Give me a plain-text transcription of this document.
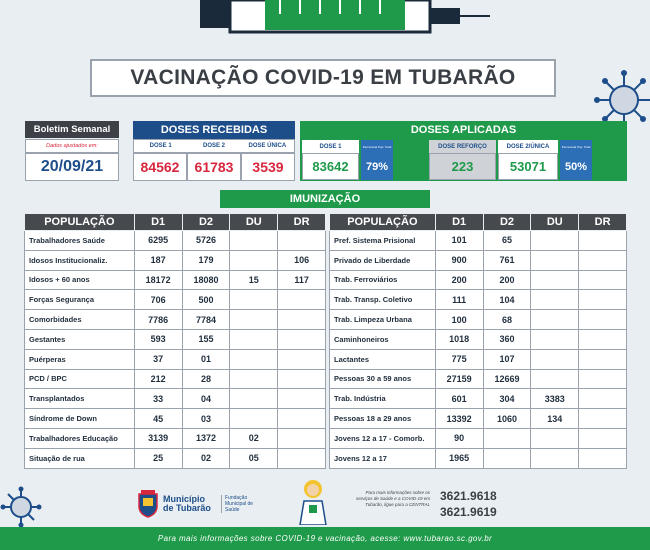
VACINAÇÃO COVID-19 EM TUBARÃO
Boletim Semanal
Dados ajustados em:
20/09/21
DOSES RECEBIDAS
DOSE 1	DOSE 2	DOSE ÚNICA
84562	61783	3539
DOSES APLICADAS
DOSE 1
83642
Percentual Pop. Total
79%
DOSE REFORÇO
223
DOSE 2/ÚNICA
53071
Percentual Pop. Total
50%
IMUNIZAÇÃO
POPULAÇÃO	D1	D2	DU	DR
Trabalhadores Saúde	6295	5726		
Idosos Institucionaliz.	187	179		106
Idosos + 60 anos	18172	18080	15	117
Forças Segurança	706	500		
Comorbidades	7786	7784		
Gestantes	593	155		
Puérperas	37	01		
PCD / BPC	212	28		
Transplantados	33	04		
Síndrome de Down	45	03		
Trabalhadores Educação	3139	1372	02	
Situação de rua	25	02	05	
POPULAÇÃO	D1	D2	DU	DR
Pref. Sistema Prisional	101	65		
Privado de Liberdade	900	761		
Trab. Ferroviários	200	200		
Trab. Transp. Coletivo	111	104		
Trab. Limpeza Urbana	100	68		
Caminhoneiros	1018	360		
Lactantes	775	107		
Pessoas 30 a 59 anos	27159	12669		
Trab. Indústria	601	304	3383	
Pessoas 18 a 29 anos	13392	1060	134	
Jovens 12 a 17 - Comorb.	90			
Jovens 12 a 17	1965			
Município de Tubarão
Fundação Municipal de Saúde
Para mais informações sobre os serviços de Saúde e a COVID-19 em Tubarão, ligue para a CENTRAL
3621.9618
3621.9619
Para mais informações sobre COVID-19 e vacinação, acesse: www.tubarao.sc.gov.br
